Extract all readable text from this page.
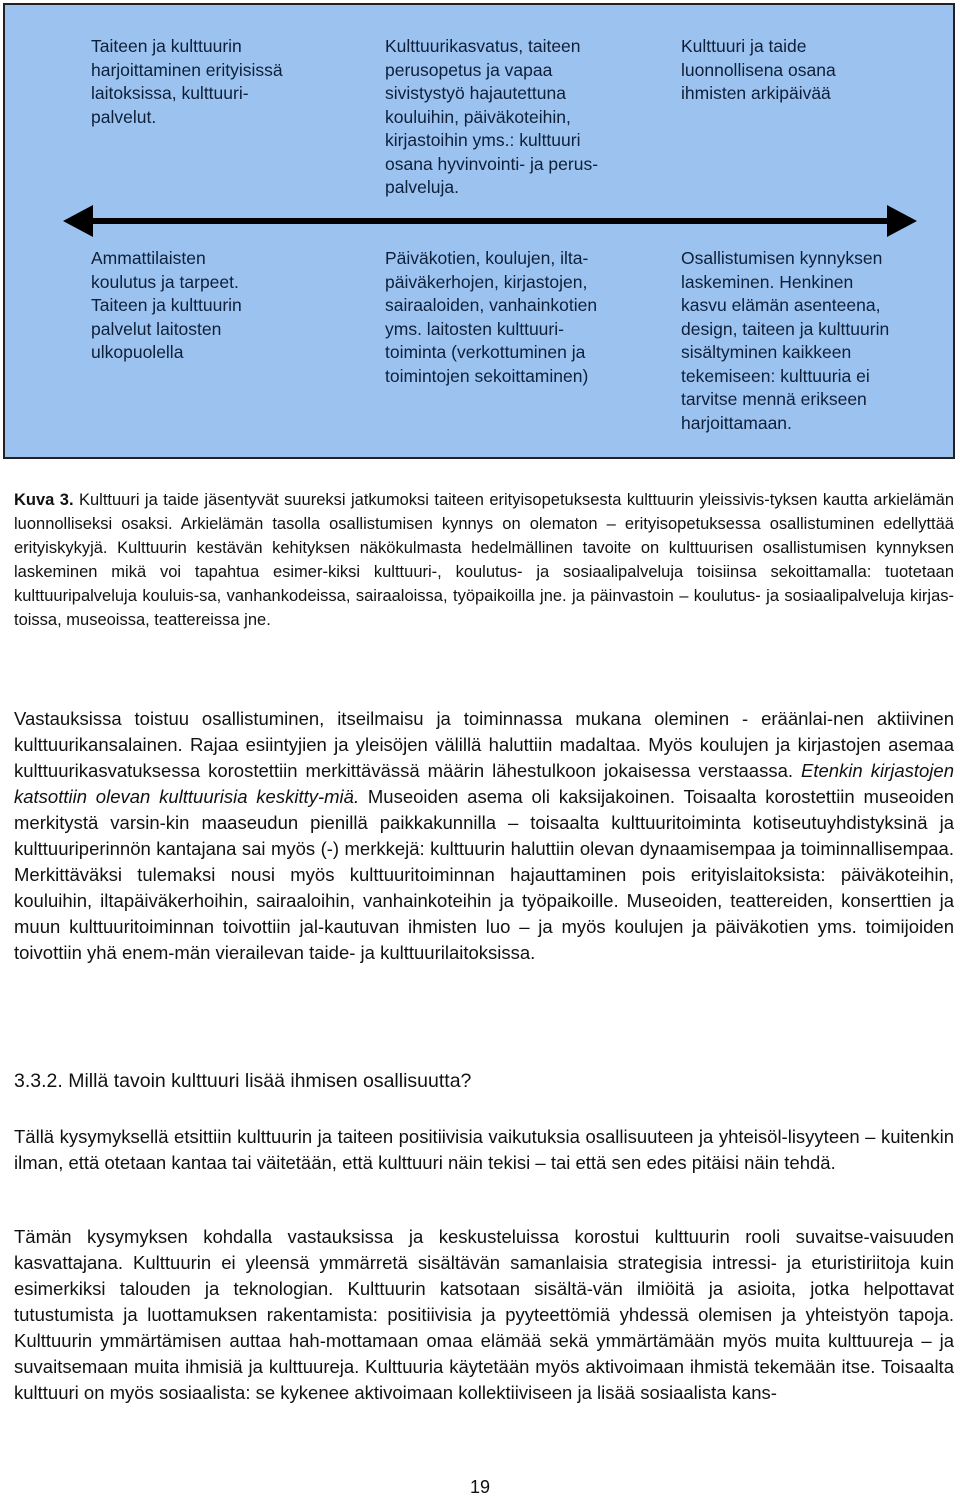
Taiteen ja kulttuurin
harjoittaminen erityisissä
laitoksissa, kulttuuri-
palvelut.
Kulttuurikasvatus, taiteen
perusopetus ja vapaa
sivistystyö hajautettuna
kouluihin, päiväkoteihin,
kirjastoihin yms.: kulttuuri
osana hyvinvointi- ja perus-
palveluja.
Kulttuuri ja taide
luonnollisena osana
ihmisten arkipäivää
Ammattilaisten
koulutus ja tarpeet.
Taiteen ja kulttuurin
palvelut laitosten
ulkopuolella
Päiväkotien, koulujen, ilta-
päiväkerhojen, kirjastojen,
sairaaloiden, vanhainkotien
yms. laitosten kulttuuri-
toiminta (verkottuminen ja
toimintojen sekoittaminen)
Osallistumisen kynnyksen
laskeminen. Henkinen
kasvu elämän asenteena,
design, taiteen ja kulttuurin
sisältyminen kaikkeen
tekemiseen: kulttuuria ei
tarvitse mennä erikseen
harjoittamaan.
Kuva 3. Kulttuuri ja taide jäsentyvät suureksi jatkumoksi taiteen erityisopetuksesta kulttuurin yleissivis-tyksen kautta arkielämän luonnolliseksi osaksi. Arkielämän tasolla osallistumisen kynnys on olematon – erityisopetuksessa osallistuminen edellyttää erityiskykyjä. Kulttuurin kestävän kehityksen näkökulmasta hedelmällinen tavoite on kulttuurisen osallistumisen kynnyksen laskeminen mikä voi tapahtua esimer-kiksi kulttuuri-, koulutus- ja sosiaalipalveluja toisiinsa sekoittamalla: tuotetaan kulttuuripalveluja kouluis-sa, vanhankodeissa, sairaaloissa, työpaikoilla jne. ja päinvastoin – koulutus- ja sosiaalipalveluja kirjas-toissa, museoissa, teattereissa jne.
Vastauksissa toistuu osallistuminen, itseilmaisu ja toiminnassa mukana oleminen - eräänlai-nen aktiivinen kulttuurikansalainen. Rajaa esiintyjien ja yleisöjen välillä haluttiin madaltaa. Myös koulujen ja kirjastojen asemaa kulttuurikasvatuksessa korostettiin merkittävässä määrin lähestulkoon jokaisessa verstaassa. Etenkin kirjastojen katsottiin olevan kulttuurisia keskitty-miä. Museoiden asema oli kaksijakoinen. Toisaalta korostettiin museoiden merkitystä varsin-kin maaseudun pienillä paikkakunnilla – toisaalta kulttuuritoiminta kotiseutuyhdistyksinä ja kulttuuriperinnön kantajana sai myös (-) merkkejä: kulttuurin haluttiin olevan dynaamisempaa ja toiminnallisempaa. Merkittäväksi tulemaksi nousi myös kulttuuritoiminnan hajauttaminen pois erityislaitoksista: päiväkoteihin, kouluihin, iltapäiväkerhoihin, sairaaloihin, vanhainkoteihin ja työpaikoille. Museoiden, teattereiden, konserttien ja muun kulttuuritoiminnan toivottiin jal-kautuvan ihmisten luo – ja myös koulujen ja päiväkotien yms. toimijoiden toivottiin yhä enem-män vierailevan taide- ja kulttuurilaitoksissa.
3.3.2. Millä tavoin kulttuuri lisää ihmisen osallisuutta?
Tällä kysymyksellä etsittiin kulttuurin ja taiteen positiivisia vaikutuksia osallisuuteen ja yhteisöl-lisyyteen – kuitenkin ilman, että otetaan kantaa tai väitetään, että kulttuuri näin tekisi – tai että sen edes pitäisi näin tehdä.
Tämän kysymyksen kohdalla vastauksissa ja keskusteluissa korostui kulttuurin rooli suvaitse-vaisuuden kasvattajana. Kulttuurin ei yleensä ymmärretä sisältävän samanlaisia strategisia intressi- ja eturistiriitoja kuin esimerkiksi talouden ja teknologian. Kulttuurin katsotaan sisältä-vän ilmiöitä ja asioita, jotka helpottavat tutustumista ja luottamuksen rakentamista: positiivisia ja pyyteettömiä yhdessä olemisen ja yhteistyön tapoja. Kulttuurin ymmärtämisen auttaa hah-mottamaan omaa elämää sekä ymmärtämään myös muita kulttuureja – ja suvaitsemaan muita ihmisiä ja kulttuureja. Kulttuuria käytetään myös aktivoimaan ihmistä tekemään itse. Toisaalta kulttuuri on myös sosiaalista: se kykenee aktivoimaan kollektiiviseen ja lisää sosiaalista kans-
19
